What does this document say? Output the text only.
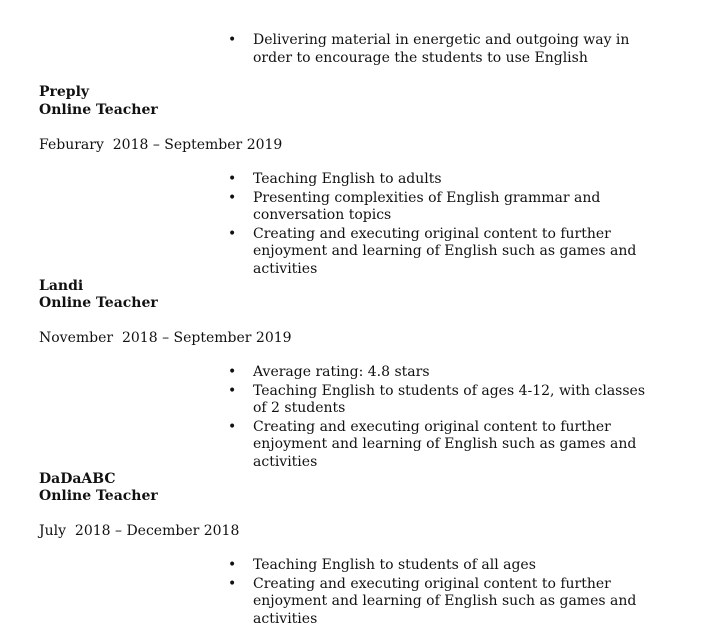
• Delivering material in energetic and outgoing way in order to encourage the students to use English
Preply
Online Teacher
Feburary  2018 – September 2019
• Teaching English to adults
• Presenting complexities of English grammar and conversation topics
• Creating and executing original content to further enjoyment and learning of English such as games and activities
Landi
Online Teacher
November  2018 – September 2019
• Average rating: 4.8 stars
• Teaching English to students of ages 4-12, with classes of 2 students
• Creating and executing original content to further enjoyment and learning of English such as games and activities
DaDaABC
Online Teacher
July  2018 – December 2018
• Teaching English to students of all ages
• Creating and executing original content to further enjoyment and learning of English such as games and activities
